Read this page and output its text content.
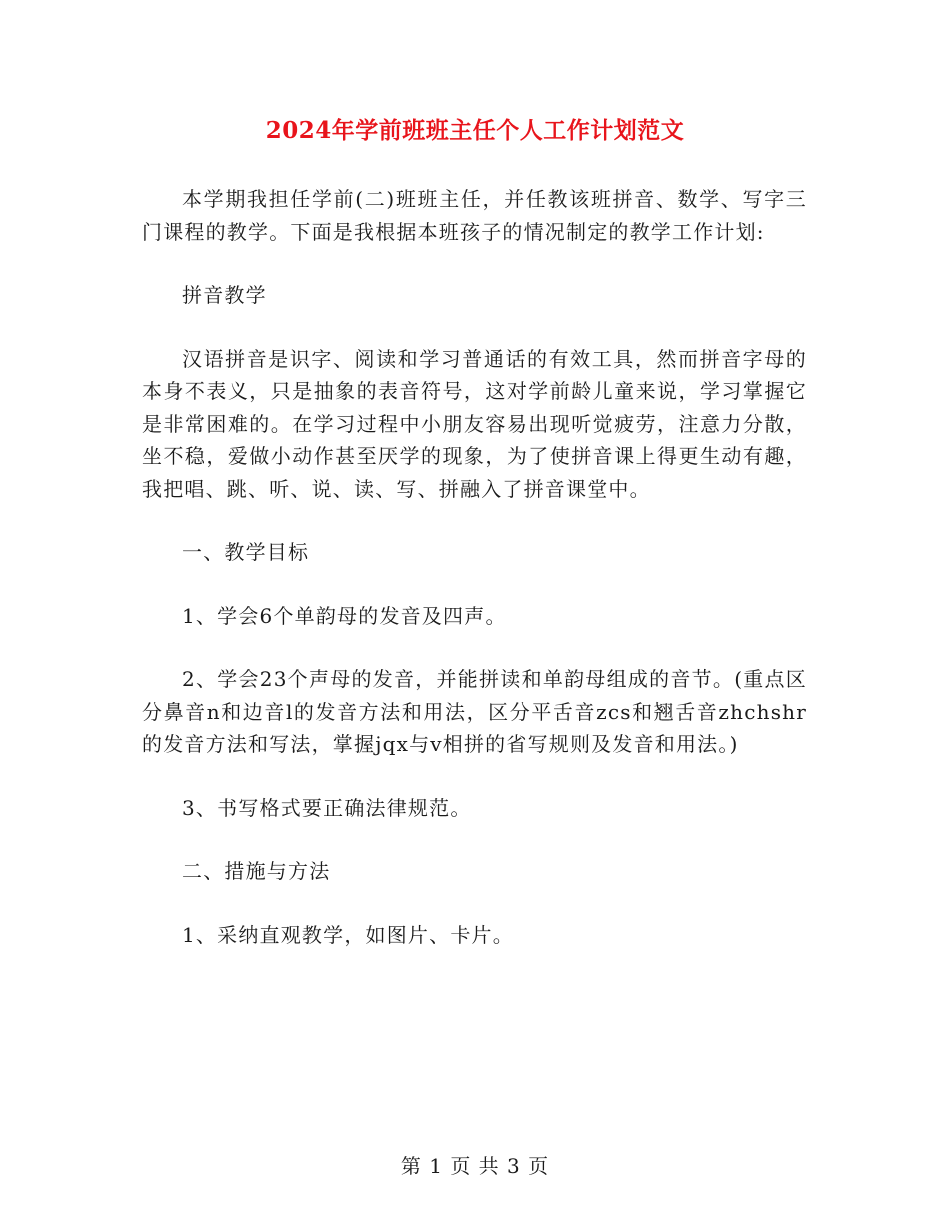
2024年学前班班主任个人工作计划范文

本学期我担任学前(二)班班主任，并任教该班拼音、数学、写字三门课程的教学。下面是我根据本班孩子的情况制定的教学工作计划:

拼音教学

汉语拼音是识字、阅读和学习普通话的有效工具，然而拼音字母的本身不表义，只是抽象的表音符号，这对学前龄儿童来说，学习掌握它是非常困难的。在学习过程中小朋友容易出现听觉疲劳，注意力分散，坐不稳，爱做小动作甚至厌学的现象，为了使拼音课上得更生动有趣，我把唱、跳、听、说、读、写、拼融入了拼音课堂中。

一、教学目标

1、学会6个单韵母的发音及四声。

2、学会23个声母的发音，并能拼读和单韵母组成的音节。(重点区分鼻音n和边音l的发音方法和用法，区分平舌音zcs和翘舌音zhchshr的发音方法和写法，掌握jqx与v相拼的省写规则及发音和用法。)

3、书写格式要正确法律规范。

二、措施与方法

1、采纳直观教学，如图片、卡片。

第 1 页 共 3 页
